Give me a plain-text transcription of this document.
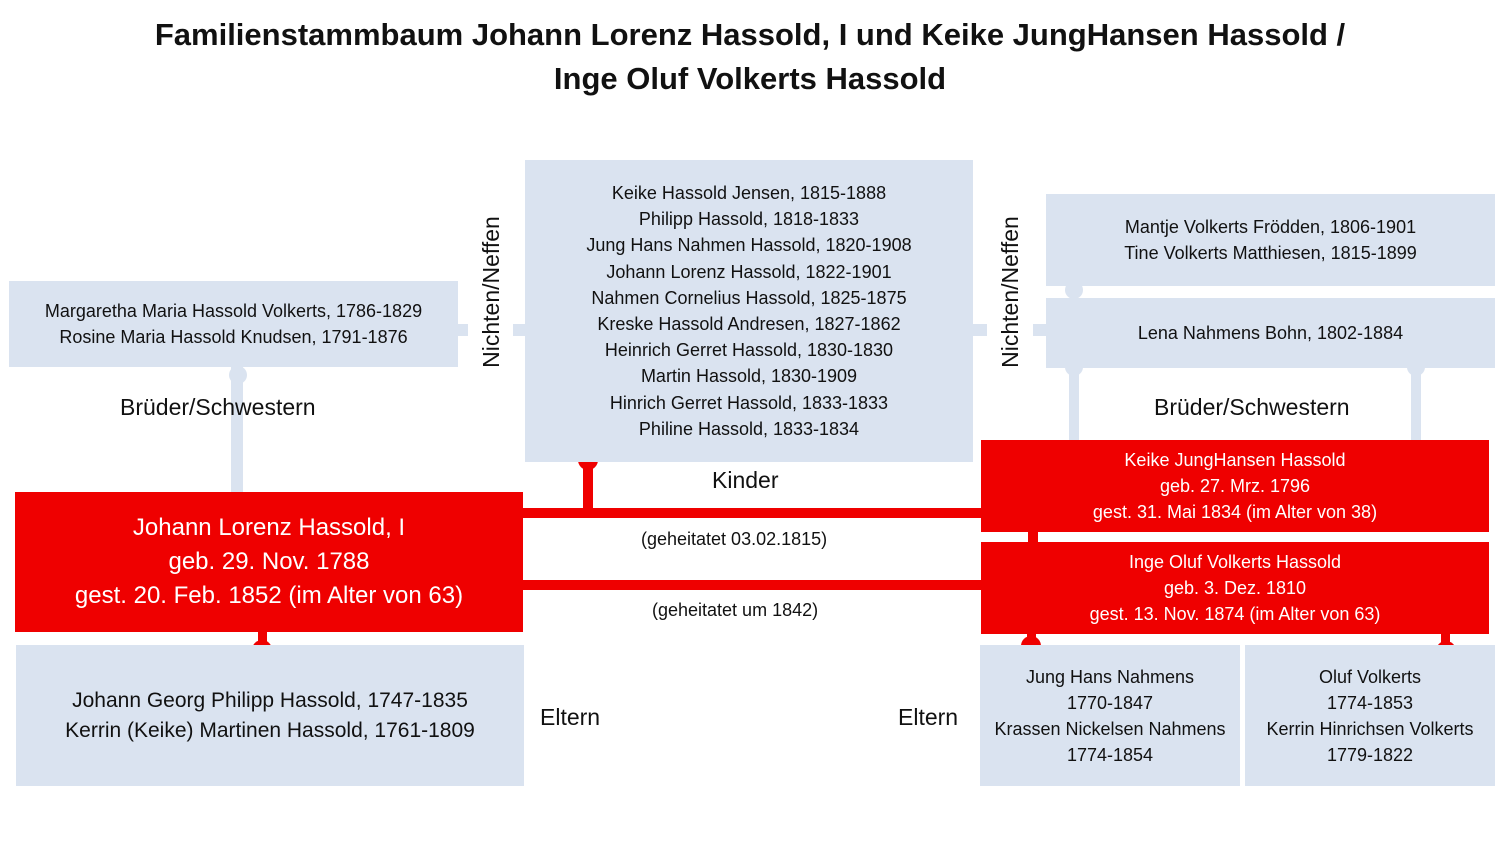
Familienstammbaum Johann Lorenz Hassold, I und Keike JungHansen Hassold /
Inge Oluf Volkerts Hassold
Margaretha Maria Hassold Volkerts, 1786-1829
Rosine Maria Hassold Knudsen, 1791-1876
Keike Hassold Jensen, 1815-1888
Philipp Hassold, 1818-1833
Jung Hans Nahmen Hassold, 1820-1908
Johann Lorenz Hassold, 1822-1901
Nahmen Cornelius Hassold, 1825-1875
Kreske Hassold Andresen, 1827-1862
Heinrich Gerret Hassold, 1830-1830
Martin Hassold, 1830-1909
Hinrich Gerret Hassold, 1833-1833
Philine Hassold, 1833-1834
Mantje Volkerts Frödden, 1806-1901
Tine Volkerts Matthiesen, 1815-1899
Lena Nahmens Bohn, 1802-1884
Nichten/Neffen	Nichten/Neffen
Brüder/Schwestern	Brüder/Schwestern
Kinder
Eltern	Eltern
(geheitatet 03.02.1815)
(geheitatet um 1842)
Johann Lorenz Hassold, I
geb. 29. Nov. 1788
gest. 20. Feb. 1852 (im Alter von 63)
Keike JungHansen Hassold
geb. 27. Mrz. 1796
gest. 31. Mai 1834 (im Alter von 38)
Inge Oluf Volkerts Hassold
geb. 3. Dez. 1810
gest. 13. Nov. 1874 (im Alter von 63)
Johann Georg Philipp Hassold, 1747-1835
Kerrin (Keike) Martinen Hassold, 1761-1809
Jung Hans Nahmens
1770-1847
Krassen Nickelsen Nahmens
1774-1854
Oluf Volkerts
1774-1853
Kerrin Hinrichsen Volkerts
1779-1822
